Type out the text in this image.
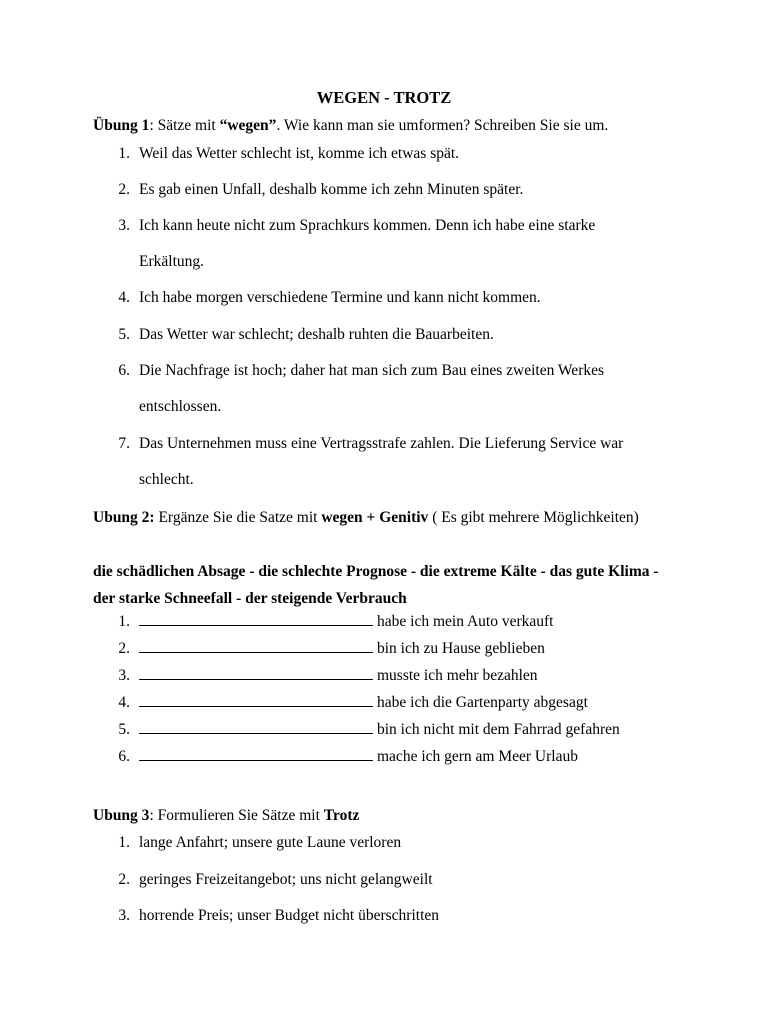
WEGEN - TROTZ
Übung 1: Sätze mit “wegen”. Wie kann man sie umformen? Schreiben Sie sie um.
1. Weil das Wetter schlecht ist, komme ich etwas spät.
2. Es gab einen Unfall, deshalb komme ich zehn Minuten später.
3. Ich kann heute nicht zum Sprachkurs kommen. Denn ich habe eine starke Erkältung.
4. Ich habe morgen verschiedene Termine und kann nicht kommen.
5. Das Wetter war schlecht; deshalb ruhten die Bauarbeiten.
6. Die Nachfrage ist hoch; daher hat man sich zum Bau eines zweiten Werkes entschlossen.
7. Das Unternehmen muss eine Vertragsstrafe zahlen. Die Lieferung Service war schlecht.
Ubung 2: Ergänze Sie die Satze mit wegen + Genitiv ( Es gibt mehrere Möglichkeiten)
die schädlichen Absage - die schlechte Prognose - die extreme Kälte - das gute Klima - der starke Schneefall - der steigende Verbrauch
1.	habe ich mein Auto verkauft
2.	bin ich zu Hause geblieben
3.	musste ich mehr bezahlen
4.	habe ich die Gartenparty abgesagt
5.	bin ich nicht mit dem Fahrrad gefahren
6.	mache ich gern am Meer Urlaub
Ubung 3: Formulieren Sie Sätze mit Trotz
1. lange Anfahrt; unsere gute Laune verloren
2. geringes Freizeitangebot; uns nicht gelangweilt
3. horrende Preis; unser Budget nicht überschritten
